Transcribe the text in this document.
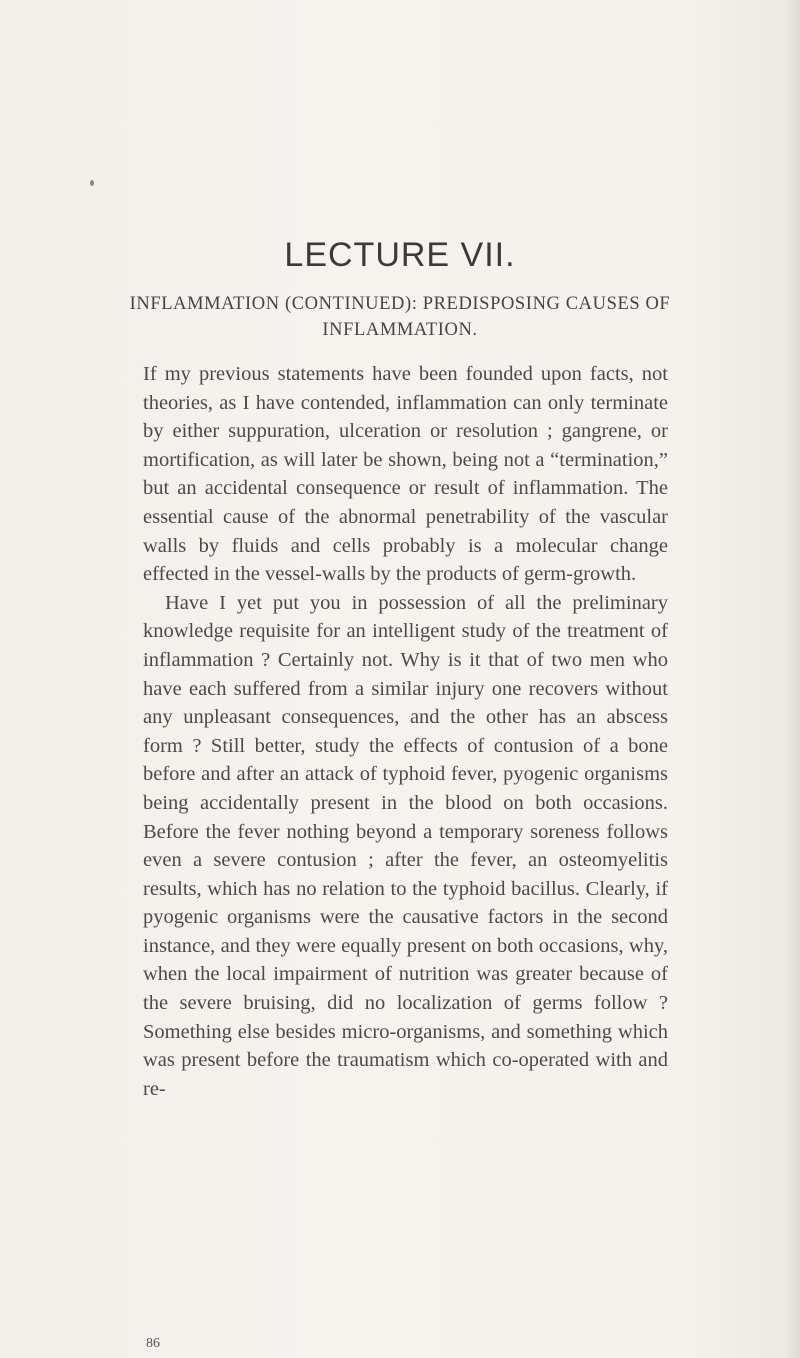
LECTURE VII.
INFLAMMATION (CONTINUED): PREDISPOSING CAUSES OF INFLAMMATION.

If my previous statements have been founded upon facts, not theories, as I have contended, inflammation can only terminate by either suppuration, ulceration or resolution ; gangrene, or mortification, as will later be shown, being not a “termination,” but an accidental consequence or result of inflammation. The essential cause of the abnormal penetrability of the vascular walls by fluids and cells probably is a molecular change effected in the vessel-walls by the products of germ-growth.

Have I yet put you in possession of all the preliminary knowledge requisite for an intelligent study of the treatment of inflammation ? Certainly not. Why is it that of two men who have each suffered from a similar injury one recovers without any unpleasant consequences, and the other has an abscess form ? Still better, study the effects of contusion of a bone before and after an attack of typhoid fever, pyogenic organisms being accidentally present in the blood on both occasions. Before the fever nothing beyond a temporary soreness follows even a severe contusion ; after the fever, an osteomyelitis results, which has no relation to the typhoid bacillus. Clearly, if pyogenic organisms were the causative factors in the second instance, and they were equally present on both occasions, why, when the local impairment of nutrition was greater because of the severe bruising, did no localization of germs follow ? Something else besides micro-organisms, and something which was present before the traumatism which co-operated with and re-

86
